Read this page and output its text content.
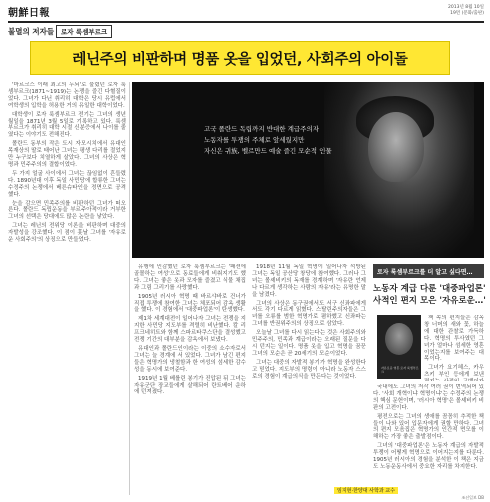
朝鮮日報
2013년 8월 10일
19면 (문화/출판)
불멸의 저자들	로자 룩셈부르크
레닌주의 비판하며 명품 옷을 입었던, 사회주의 아이돌

'마르크스 이래 최고의 두뇌'로 불렸던 로자 룩셈부르크(1871~1919)는 논쟁을 즐긴 다혈질이었다. 그녀가 다닌 취리히 대학은 당시 유럽에서 여학생의 입학을 허용한 거의 유일한 대학이었다.

대학생이 로자 룩셈부르크 전기는 그녀의 생년월일을 1871년 3월 5일로 기록하고 있다. 룩셈부르크가 취리히 대학 시절 신분증에서 나이를 줄였다는 이야기도 전해진다.

폴란드 동부의 작은 도시 자모시치에서 유대인 목재상의 딸로 태어난 그녀는 평생 다리를 절었지만 누구보다 치열하게 살았다. 그녀의 사상은 혁명과 민주주의의 결합이었다.

두 가지 얼굴 사이에서 그녀는 끊임없이 흔들렸다. 1890년대 이후 독일 사민당에 합류한 그녀는 수정주의 논쟁에서 베른슈타인을 정면으로 공격했다.

눈을 감으면 민족주의를 비판하던 그녀가 떠오른다. 폴란드 독립운동을 부르주아적이라 거부한 그녀의 선택은 당대에도 많은 논란을 낳았다.

그녀는 레닌의 전위당 이론을 비판하며 대중의 자발성을 강조했다. 이 점이 훗날 그녀를 '자유로운 사회주의'의 상징으로 만들었다.

고국 폴란드 독립까지 반대한 계급주의자
노동자를 투쟁의 주체로 앞세웠지만
자신은 귀族, 벨르만드 예술 즐긴 모순적 인물

유행에 민감했던 로자 룩셈부르크는 '패션에 골몰하는 여성'으로 동료들에게 비춰지기도 했다. 그녀는 좋은 옷과 모자를 즐겼고 식물 채집과 그림 그리기를 사랑했다.

1905년 러시아 혁명 때 바르샤바로 건너가 직접 투쟁에 참여한 그녀는 체포되어 감옥 생활을 했다. 이 경험에서 '대중파업론'이 탄생했다.

제1차 세계대전이 일어나자 그녀는 전쟁을 지지한 사민당 지도부를 격렬히 비난했다. 칼 리프크네히트와 함께 스파르타쿠스단을 결성했고 전쟁 기간의 대부분을 감옥에서 보냈다.

유대인과 폴란드인이라는 이중의 소수자로서 그녀는 늘 경계에 서 있었다. 그녀가 남긴 편지들은 혁명가의 냉철함과 한 여성의 섬세한 감수성을 동시에 보여준다.

1919년 1월 베를린 봉기가 진압된 뒤 그녀는 자유군단 장교들에게 살해되어 란트베어 운하에 던져졌다.

1918년 11월 독일 혁명이 일어나자 석방된 그녀는 독일 공산당 창당에 참여했다. 그러나 그녀는 볼셰비키의 독재를 경계하며 '자유란 언제나 다르게 생각하는 사람의 자유'라는 유명한 말을 남겼다.

그녀의 사상은 동구권에서도 서구 신좌파에게서도 각기 다르게 읽혔다. 스탈린주의자들은 그녀를 오류를 범한 혁명가로 폄하했고 신좌파는 그녀를 반권위주의의 상징으로 삼았다.

오늘날 그녀를 다시 읽는다는 것은 사회주의와 민주주의, 민족과 계급이라는 오래된 질문을 다시 던지는 일이다. 명품 옷을 입고 혁명을 꿈꾼 그녀의 모순은 곧 20세기의 모순이었다.

그녀는 대중의 자발적 봉기가 혁명을 완성한다고 믿었다. 지도부의 명령이 아니라 노동자 스스로의 경험이 계급의식을 만든다는 것이었다.

로자 룩셈부르크를 더 알고 싶다면…
노동자 계급 다룬 '대중파업론'
사적인 편지 모은 '자유로운…'
자유로운 영혼 로자 룩셈부르크

책 속의 편지들은 감옥 창 너머의 새와 꽃, 하늘에 대한 관찰로 가득하다. 혁명의 투사였던 그녀가 얼마나 섬세한 영혼이었는지를 보여주는 대목이다.

그녀가 요기헤스, 카우츠키 부인 등에게 보낸

국내에도 그녀의 저작 여러 권이 번역되어 있다. '사회 개혁이냐 혁명이냐'는 수정주의 논쟁의 핵심 문헌이며, '러시아 혁명'은 볼셰비키 비판의 고전이다.

평전으로는 그녀의 생애를 꼼꼼히 추적한 책들이 나와 있어 입문자에게 권할 만하다. 그녀의 편지 모음집은 혁명가의 인간적 면모를 이해하는 가장 좋은 출발점이다.

그녀의 '대중파업론'은 노동자 계급의 자발적 투쟁이 어떻게 혁명으로 이어지는지를 다룬다. 1905년 러시아의 경험을 분석한 이 책은 지금도 노동운동사에서 중요한 자리를 차지한다.

임지현·한양대 사학과 교수
조선일보 DB
